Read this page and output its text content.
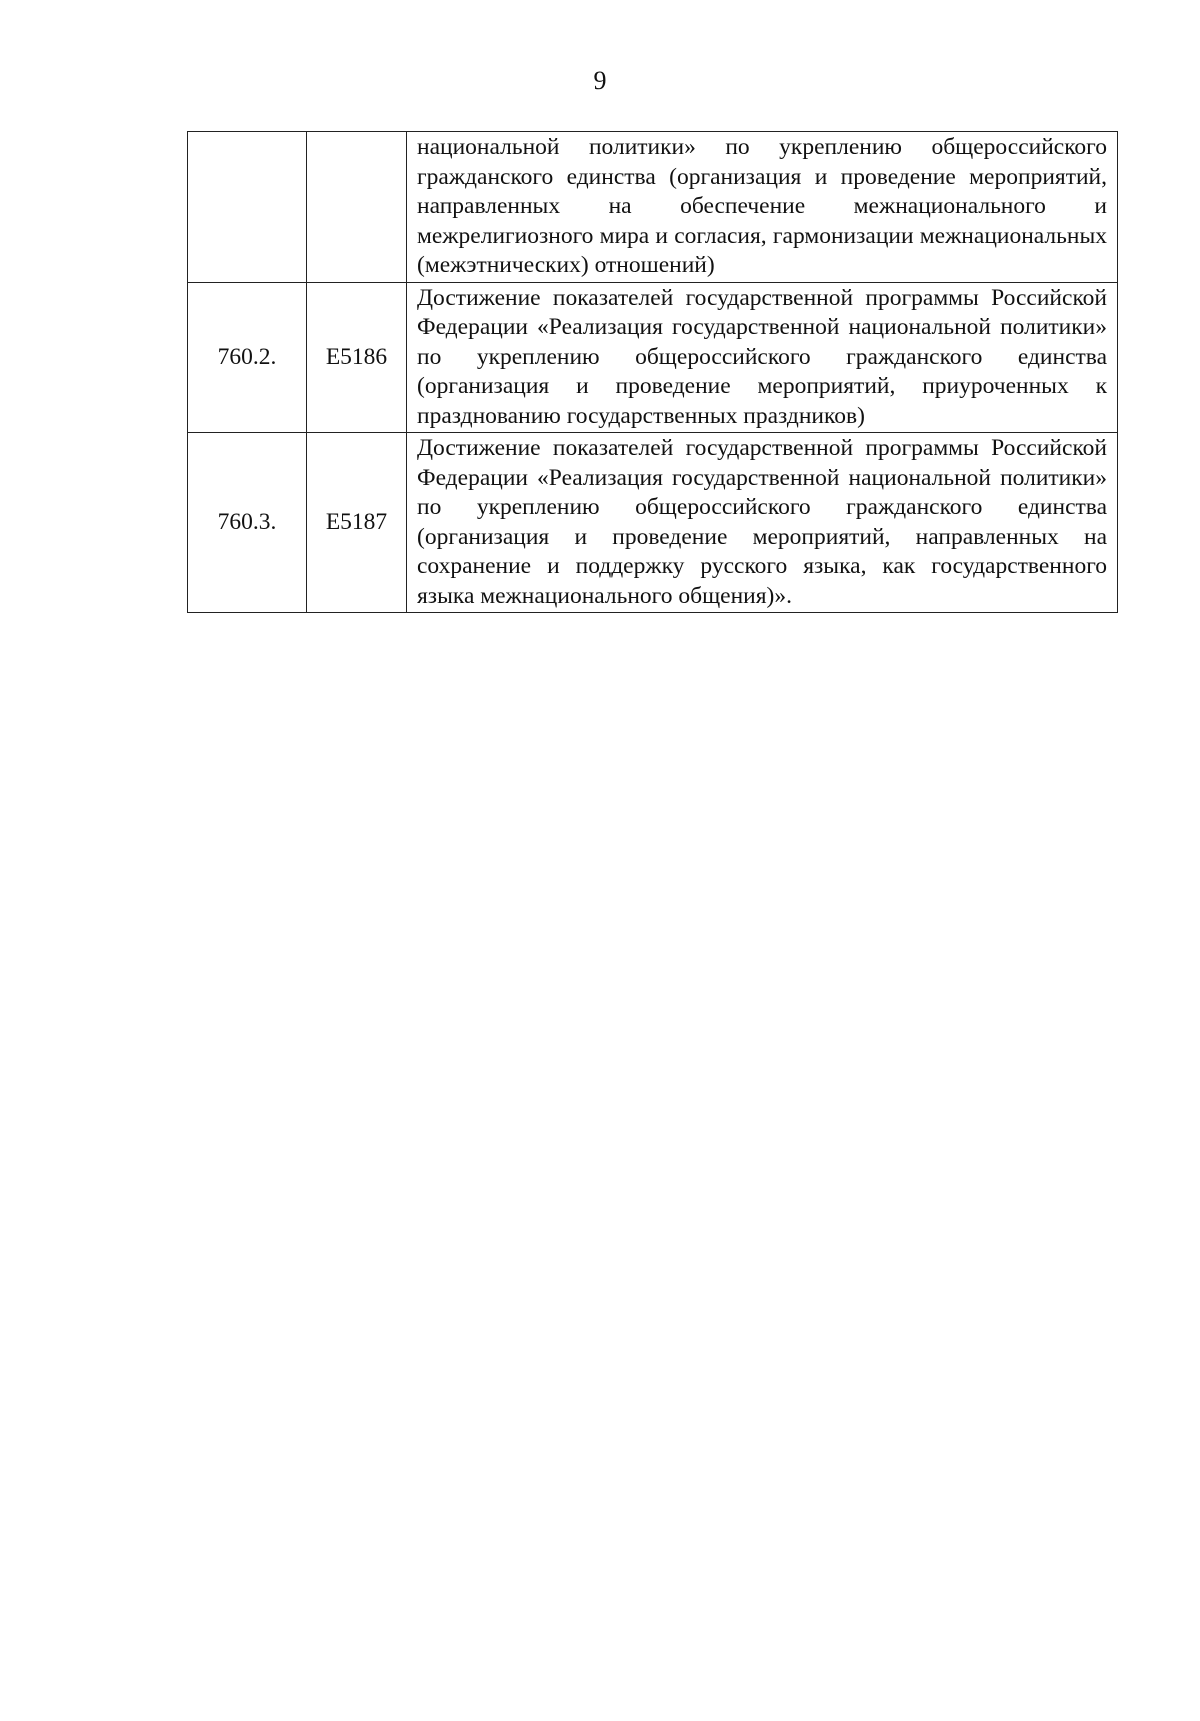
9
		национальной политики» по укреплению общероссийского гражданского единства (организация и проведение мероприятий, направленных на обеспечение межнационального и межрелигиозного мира и согласия, гармонизации межнациональных (межэтнических) отношений)
760.2.	E5186	Достижение показателей государственной программы Российской Федерации «Реализация государственной национальной политики» по укреплению общероссийского гражданского единства (организация и проведение мероприятий, приуроченных к празднованию государственных праздников)
760.3.	E5187	Достижение показателей государственной программы Российской Федерации «Реализация государственной национальной политики» по укреплению общероссийского гражданского единства (организация и проведение мероприятий, направленных на сохранение и поддержку русского языка, как государственного языка межнационального общения)».
